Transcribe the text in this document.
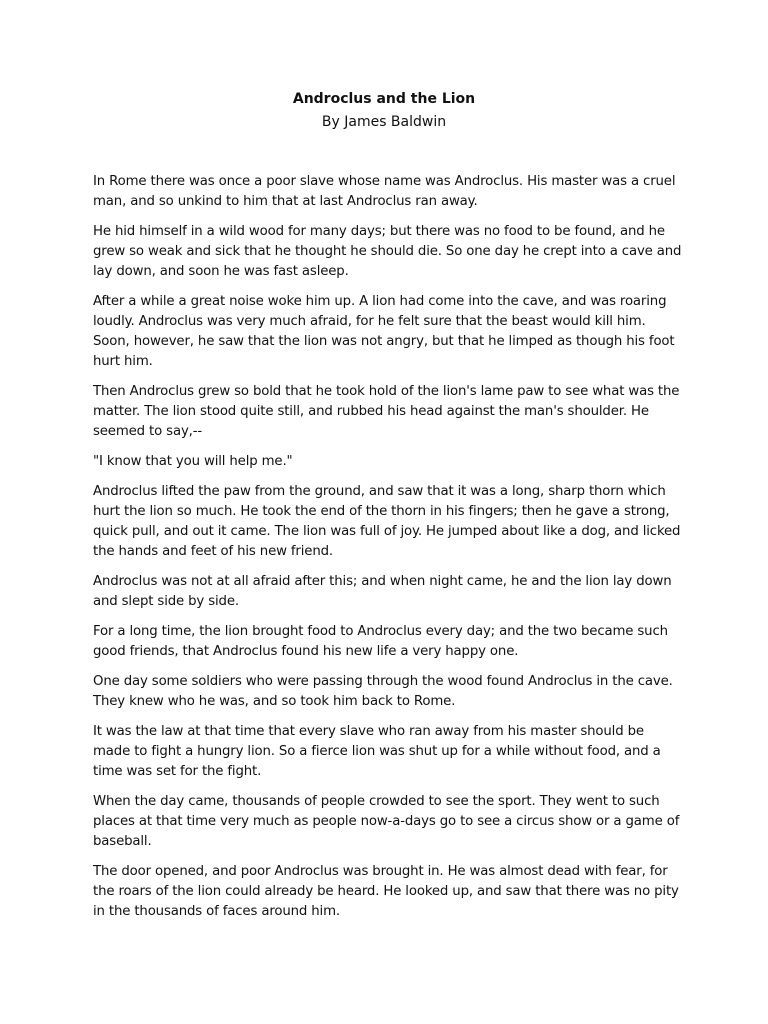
Androclus and the Lion
By James Baldwin

In Rome there was once a poor slave whose name was Androclus. His master was a cruel man, and so unkind to him that at last Androclus ran away.

He hid himself in a wild wood for many days; but there was no food to be found, and he grew so weak and sick that he thought he should die. So one day he crept into a cave and lay down, and soon he was fast asleep.

After a while a great noise woke him up. A lion had come into the cave, and was roaring loudly. Androclus was very much afraid, for he felt sure that the beast would kill him. Soon, however, he saw that the lion was not angry, but that he limped as though his foot hurt him.

Then Androclus grew so bold that he took hold of the lion's lame paw to see what was the matter. The lion stood quite still, and rubbed his head against the man's shoulder. He seemed to say,--

"I know that you will help me."

Androclus lifted the paw from the ground, and saw that it was a long, sharp thorn which hurt the lion so much. He took the end of the thorn in his fingers; then he gave a strong, quick pull, and out it came. The lion was full of joy. He jumped about like a dog, and licked the hands and feet of his new friend.

Androclus was not at all afraid after this; and when night came, he and the lion lay down and slept side by side.

For a long time, the lion brought food to Androclus every day; and the two became such good friends, that Androclus found his new life a very happy one.

One day some soldiers who were passing through the wood found Androclus in the cave. They knew who he was, and so took him back to Rome.

It was the law at that time that every slave who ran away from his master should be made to fight a hungry lion. So a fierce lion was shut up for a while without food, and a time was set for the fight.

When the day came, thousands of people crowded to see the sport. They went to such places at that time very much as people now-a-days go to see a circus show or a game of baseball.

The door opened, and poor Androclus was brought in. He was almost dead with fear, for the roars of the lion could already be heard. He looked up, and saw that there was no pity in the thousands of faces around him.
